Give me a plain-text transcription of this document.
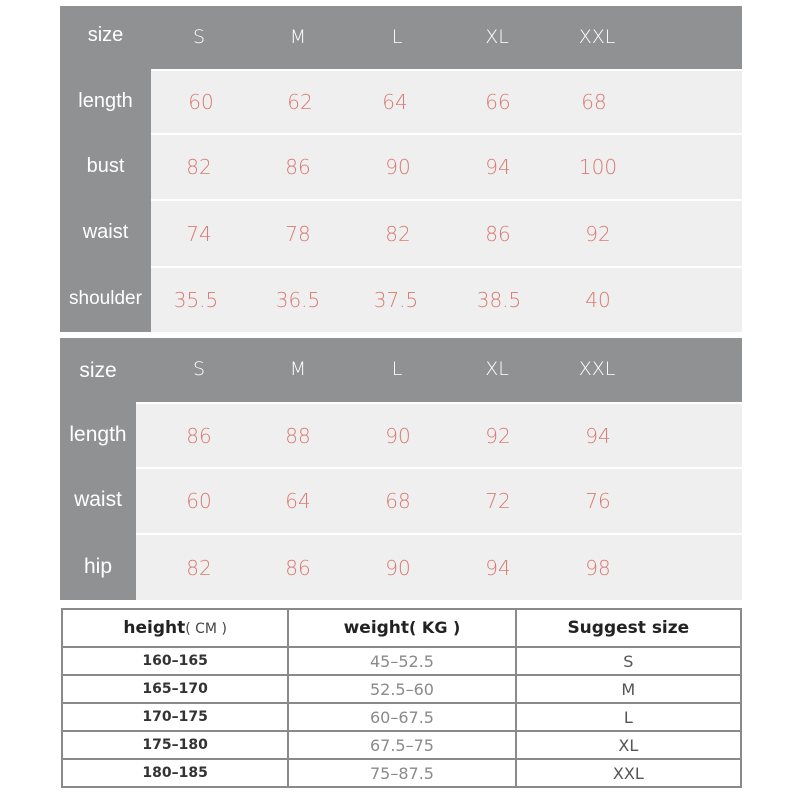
size	S	M	L	XL	XXL
length	60	62	64	66	68
bust	82	86	90	94	100
waist	74	78	82	86	92
shoulder	35.5	36.5	37.5	38.5	40
size	S	M	L	XL	XXL
length	86	88	90	92	94
waist	60	64	68	72	76
hip	82	86	90	94	98
height( CM )	weight( KG )	Suggest size
160–165	45–52.5	S
165–170	52.5–60	M
170–175	60–67.5	L
175–180	67.5–75	XL
180–185	75–87.5	XXL
